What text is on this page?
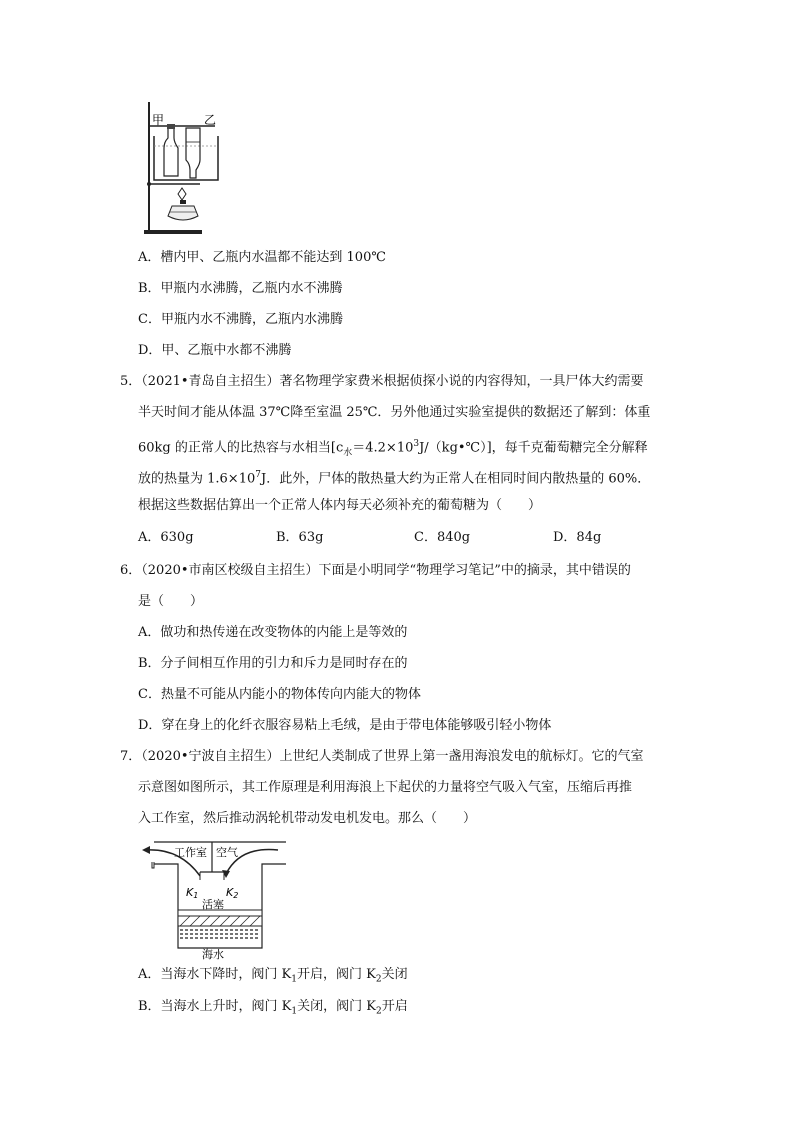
甲	乙
A．槽内甲、乙瓶内水温都不能达到 100℃
B．甲瓶内水沸腾，乙瓶内水不沸腾
C．甲瓶内水不沸腾，乙瓶内水沸腾
D．甲、乙瓶中水都不沸腾
5．（2021•青岛自主招生）著名物理学家费米根据侦探小说的内容得知，一具尸体大约需要
半天时间才能从体温 37℃降至室温 25℃．另外他通过实验室提供的数据还了解到：体重
60kg 的正常人的比热容与水相当$[c_水=4.2\times 10^3J/(kg•℃)]$，每千克葡萄糖完全分解释
放的热量为 $1.6\times 10^7J$．此外，尸体的散热量大约为正常人在相同时间内散热量的 60%．
根据这些数据估算出一个正常人体内每天必须补充的葡萄糖为（　　）
A．630g	B．63g	C．840g	D．84g
6．（2020•市南区校级自主招生）下面是小明同学“物理学习笔记”中的摘录，其中错误的
是（　　）
A．做功和热传递在改变物体的内能上是等效的
B．分子间相互作用的引力和斥力是同时存在的
C．热量不可能从内能小的物体传向内能大的物体
D．穿在身上的化纤衣服容易粘上毛绒，是由于带电体能够吸引轻小物体
7．（2020•宁波自主招生）上世纪人类制成了世界上第一盏用海浪发电的航标灯。它的气室
示意图如图所示，其工作原理是利用海浪上下起伏的力量将空气吸入气室，压缩后再推
入工作室，然后推动涡轮机带动发电机发电。那么（　　）
工作室 空气
K1	K2
活塞
海水
A．当海水下降时，阀门 $K_1$开启，阀门 $K_2$关闭
B．当海水上升时，阀门 $K_1$关闭，阀门 $K_2$开启
